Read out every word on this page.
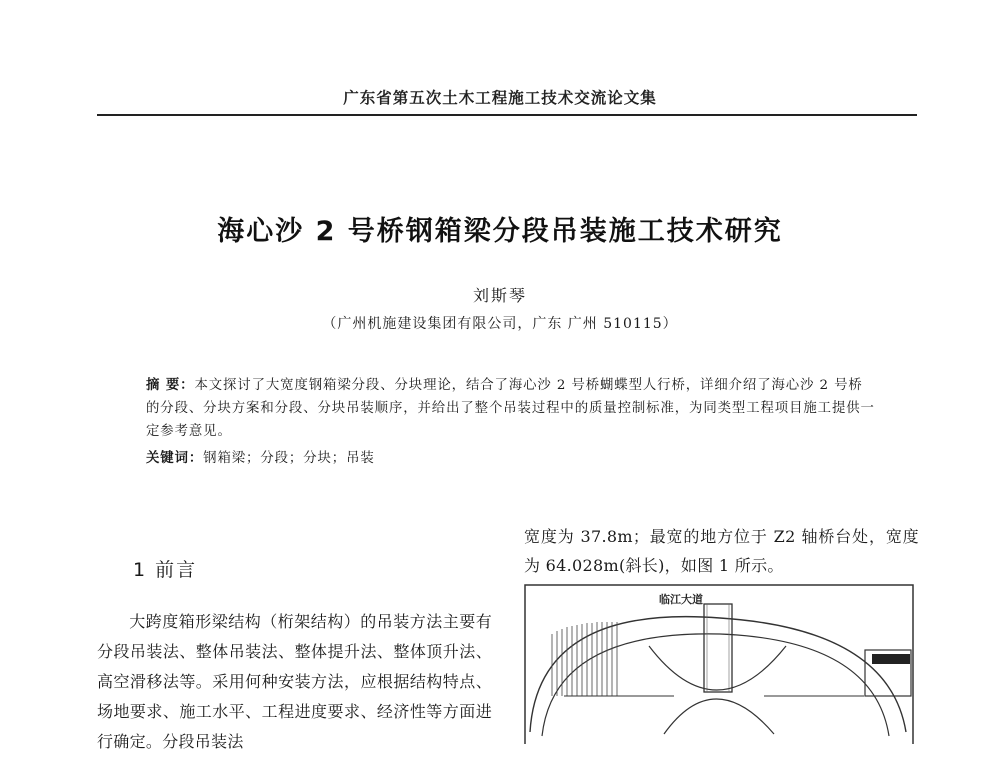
广东省第五次土木工程施工技术交流论文集
海心沙 2 号桥钢箱梁分段吊装施工技术研究
刘斯琴
（广州机施建设集团有限公司，广东 广州 510115）
摘 要：本文探讨了大宽度钢箱梁分段、分块理论，结合了海心沙 2 号桥蝴蝶型人行桥，详细介绍了海心沙 2 号桥的分段、分块方案和分段、分块吊装顺序，并给出了整个吊装过程中的质量控制标准，为同类型工程项目施工提供一定参考意见。
关键词：钢箱梁；分段；分块；吊装
1 前言
大跨度箱形梁结构（桁架结构）的吊装方法主要有分段吊装法、整体吊装法、整体提升法、整体顶升法、高空滑移法等。采用何种安装方法，应根据结构特点、场地要求、施工水平、工程进度要求、经济性等方面进行确定。分段吊装法
宽度为 37.8m；最宽的地方位于 Z2 轴桥台处，宽度为 64.028m(斜长)，如图 1 所示。
临江大道
